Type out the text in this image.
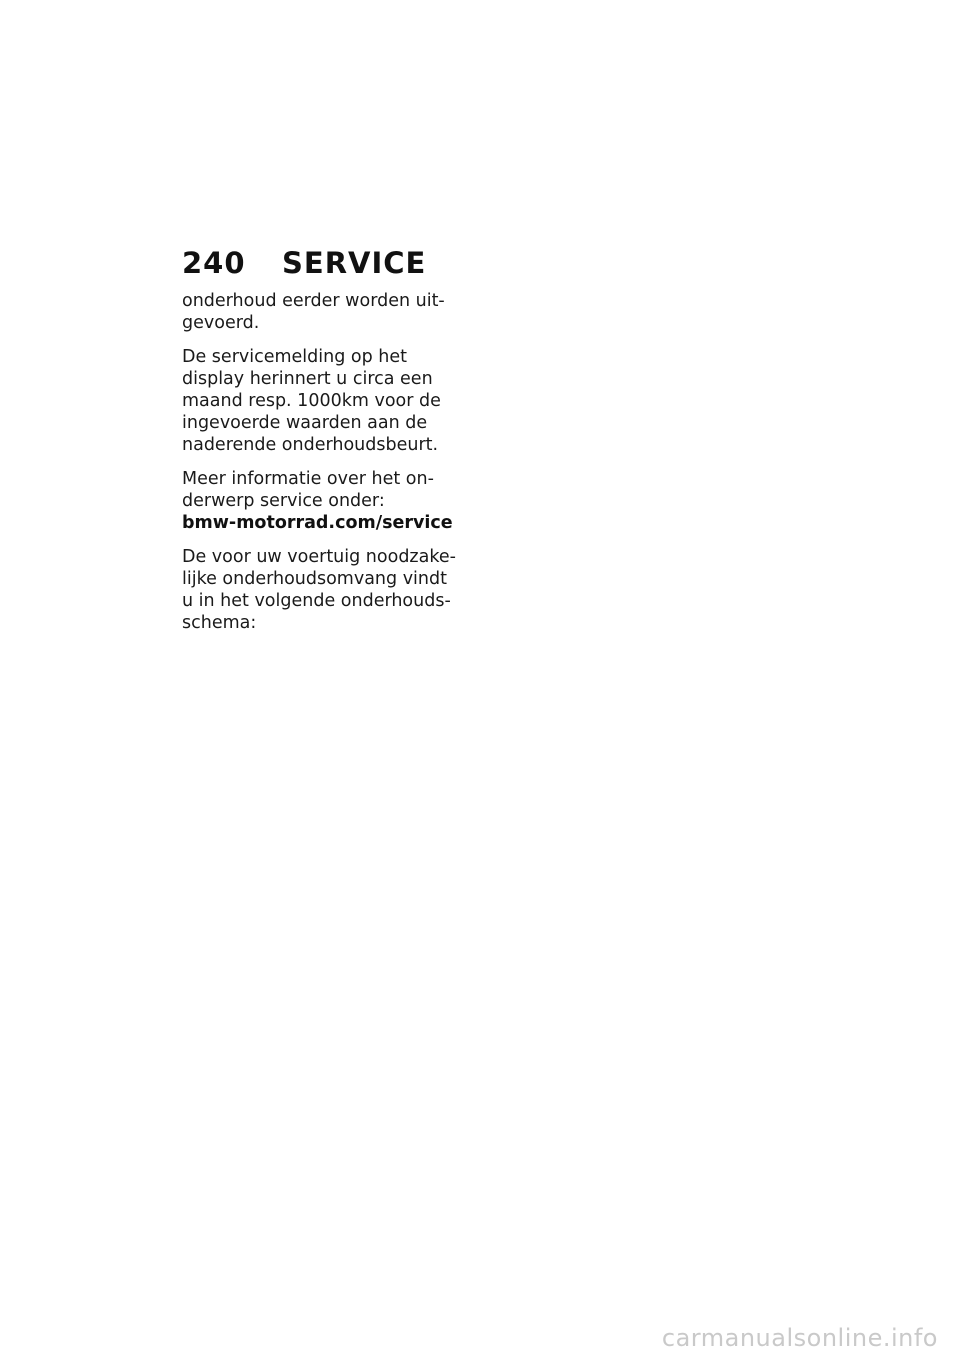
240	SERVICE

onderhoud eerder worden uit-
gevoerd.

De servicemelding op het
display herinnert u circa een
maand resp. 1000km voor de
ingevoerde waarden aan de
naderende onderhoudsbeurt.

Meer informatie over het on-
derwerp service onder:
bmw-motorrad.com/service

De voor uw voertuig noodzake-
lijke onderhoudsomvang vindt
u in het volgende onderhouds-
schema:

carmanualsonline.info
